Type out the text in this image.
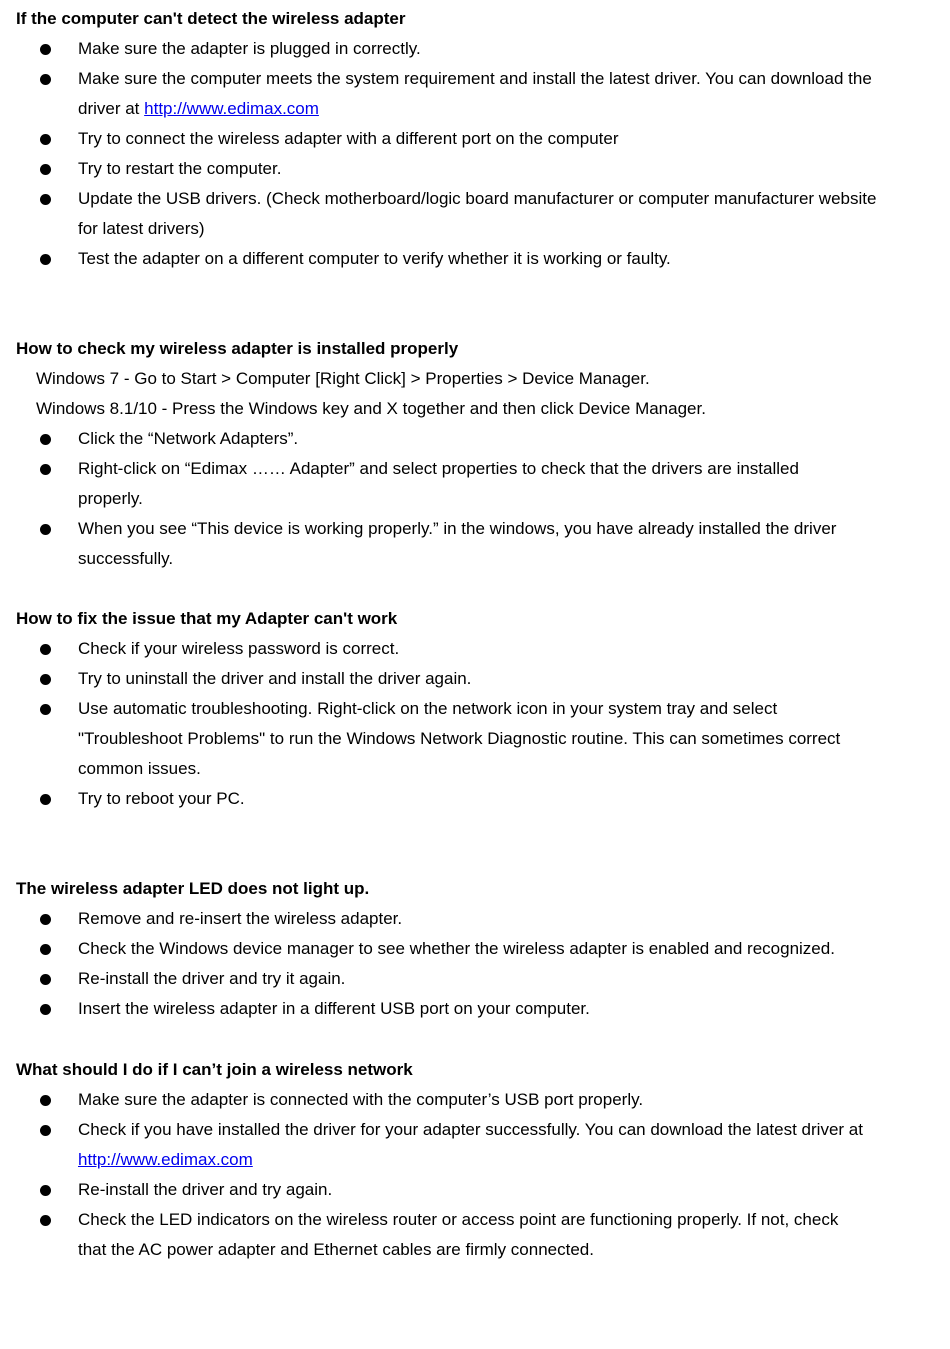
If the computer can't detect the wireless adapter
Make sure the adapter is plugged in correctly.
Make sure the computer meets the system requirement and install the latest driver. You can download the driver at http://www.edimax.com
Try to connect the wireless adapter with a different port on the computer
Try to restart the computer.
Update the USB drivers. (Check motherboard/logic board manufacturer or computer manufacturer website for latest drivers)
Test the adapter on a different computer to verify whether it is working or faulty.
How to check my wireless adapter is installed properly
Windows 7 - Go to Start > Computer [Right Click] > Properties > Device Manager.
Windows 8.1/10 - Press the Windows key and X together and then click Device Manager.
Click the “Network Adapters”.
Right-click on “Edimax …… Adapter” and select properties to check that the drivers are installed properly.
When you see “This device is working properly.” in the windows, you have already installed the driver successfully.
How to fix the issue that my Adapter can't work
Check if your wireless password is correct.
Try to uninstall the driver and install the driver again.
Use automatic troubleshooting. Right-click on the network icon in your system tray and select "Troubleshoot Problems" to run the Windows Network Diagnostic routine. This can sometimes correct common issues.
Try to reboot your PC.
The wireless adapter LED does not light up.
Remove and re-insert the wireless adapter.
Check the Windows device manager to see whether the wireless adapter is enabled and recognized.
Re-install the driver and try it again.
Insert the wireless adapter in a different USB port on your computer.
What should I do if I can’t join a wireless network
Make sure the adapter is connected with the computer’s USB port properly.
Check if you have installed the driver for your adapter successfully. You can download the latest driver at http://www.edimax.com
Re-install the driver and try again.
Check the LED indicators on the wireless router or access point are functioning properly. If not, check that the AC power adapter and Ethernet cables are firmly connected.
